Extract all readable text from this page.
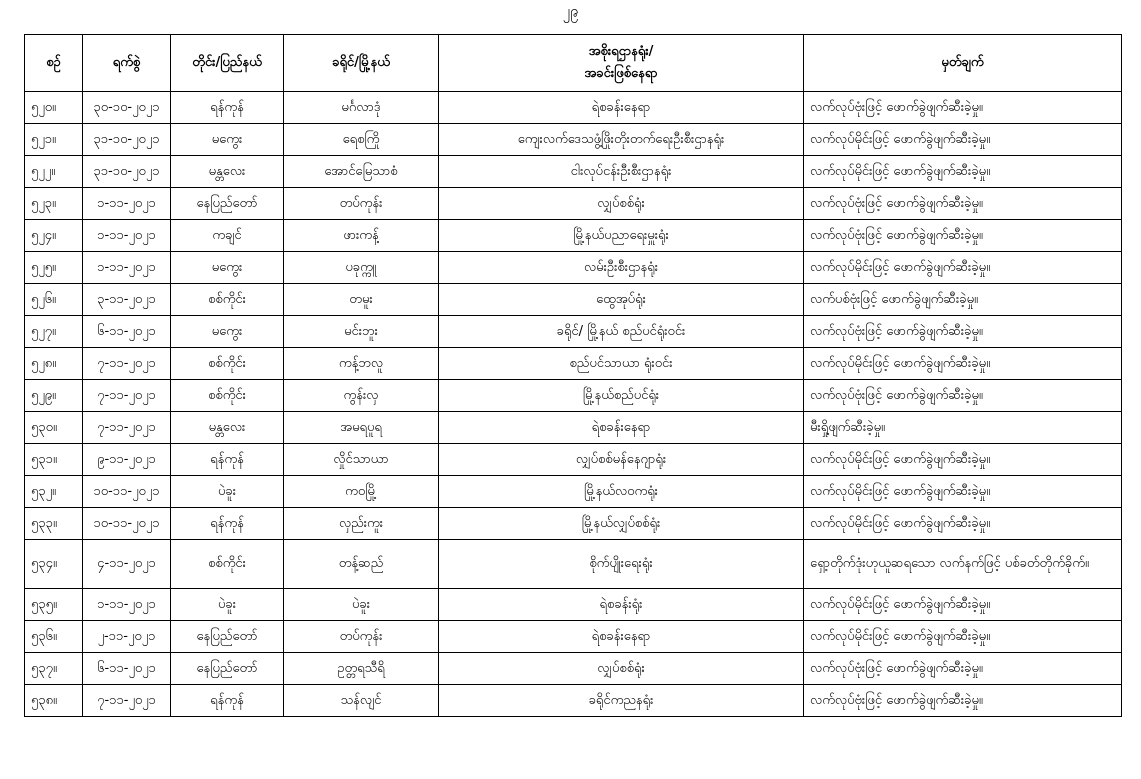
၂၉
စဉ်	ရက်စွဲ	တိုင်း/ပြည်နယ်	ခရိုင်/မြို့နယ်	အစိုးရဌာနရုံး/
အခင်းဖြစ်နေရာ	မှတ်ချက်
၅၂၀။	၃၀-၁၀-၂၀၂၁	ရန်ကုန်	မင်္ဂလာဒုံ	ရဲစခန်းနေရာ	လက်လုပ်ဗုံးဖြင့် ဖောက်ခွဲဖျက်ဆီးခဲ့မှု။
၅၂၁။	၃၁-၁၀-၂၀၂၁	မကွေး	ရေစကြို	ကျေးလက်ဒေသဖွံ့ဖြိုးတိုးတက်ရေးဦးစီးဌာနရုံး	လက်လုပ်မိုင်းဖြင့် ဖောက်ခွဲဖျက်ဆီးခဲ့မှု။
၅၂၂။	၃၁-၁၀-၂၀၂၁	မန္တလေး	အောင်မြေသာစံ	ငါးလုပ်ငန်းဦးစီးဌာနရုံး	လက်လုပ်မိုင်းဖြင့် ဖောက်ခွဲဖျက်ဆီးခဲ့မှု။
၅၂၃။	၁-၁၁-၂၀၂၁	နေပြည်တော်	တပ်ကုန်း	လျှပ်စစ်ရုံး	လက်လုပ်ဗုံးဖြင့် ဖောက်ခွဲဖျက်ဆီးခဲ့မှု။
၅၂၄။	၁-၁၁-၂၀၂၁	ကချင်	ဖားကန့်	မြို့နယ်ပညာရေးမှူးရုံး	လက်လုပ်ဗုံးဖြင့် ဖောက်ခွဲဖျက်ဆီးခဲ့မှု။
၅၂၅။	၁-၁၁-၂၀၂၁	မကွေး	ပခုက္ကူ	လမ်းဦးစီးဌာနရုံး	လက်လုပ်မိုင်းဖြင့် ဖောက်ခွဲဖျက်ဆီးခဲ့မှု။
၅၂၆။	၃-၁၁-၂၀၂၁	စစ်ကိုင်း	တမူး	ထွေအုပ်ရုံး	လက်ပစ်ဗုံးဖြင့် ဖောက်ခွဲဖျက်ဆီးခဲ့မှု။
၅၂၇။	၆-၁၁-၂၀၂၁	မကွေး	မင်းဘူး	ခရိုင်/ မြို့နယ် စည်ပင်ရုံးဝင်း	လက်လုပ်ဗုံးဖြင့် ဖောက်ခွဲဖျက်ဆီးခဲ့မှု။
၅၂၈။	၇-၁၁-၂၀၂၁	စစ်ကိုင်း	ကန့်ဘလူ	စည်ပင်သာယာ ရုံးဝင်း	လက်လုပ်မိုင်းဖြင့် ဖောက်ခွဲဖျက်ဆီးခဲ့မှု။
၅၂၉။	၇-၁၁-၂၀၂၁	စစ်ကိုင်း	ကွန်းလှ	မြို့နယ်စည်ပင်ရုံး	လက်လုပ်ဗုံးဖြင့် ဖောက်ခွဲဖျက်ဆီးခဲ့မှု။
၅၃၀။	၇-၁၁-၂၀၂၁	မန္တလေး	အမရပူရ	ရဲစခန်းနေရာ	မီးရှို့ဖျက်ဆီးခဲ့မှု။
၅၃၁။	၉-၁၁-၂၀၂၁	ရန်ကုန်	လှိုင်သာယာ	လျှပ်စစ်မန်နေဂျာရုံး	လက်လုပ်မိုင်းဖြင့် ဖောက်ခွဲဖျက်ဆီးခဲ့မှု။
၅၃၂။	၁၀-၁၁-၂၀၂၁	ပဲခူး	ကဝမြို့	မြို့နယ်လဝကရုံး	လက်လုပ်မိုင်းဖြင့် ဖောက်ခွဲဖျက်ဆီးခဲ့မှု။
၅၃၃။	၁၀-၁၁-၂၀၂၁	ရန်ကုန်	လှည်းကူး	မြို့နယ်လျှပ်စစ်ရုံး	လက်လုပ်မိုင်းဖြင့် ဖောက်ခွဲဖျက်ဆီးခဲ့မှု။
၅၃၄။	၄-၁၁-၂၀၂၁	စစ်ကိုင်း	တန့်ဆည်	စိုက်ပျိုးရေးရုံး	ရှော့တိုက်ဒုံးဟုယူဆရသော လက်နက်ဖြင့် ပစ်ခတ်တိုက်ခိုက်။
၅၃၅။	၁-၁၁-၂၀၂၁	ပဲခူး	ပဲခူး	ရဲစခန်းရုံး	လက်လုပ်မိုင်းဖြင့် ဖောက်ခွဲဖျက်ဆီးခဲ့မှု။
၅၃၆။	၂-၁၁-၂၀၂၁	နေပြည်တော်	တပ်ကုန်း	ရဲစခန်းနေရာ	လက်လုပ်မိုင်းဖြင့် ဖောက်ခွဲဖျက်ဆီးခဲ့မှု။
၅၃၇။	၆-၁၁-၂၀၂၁	နေပြည်တော်	ဥတ္တရသီရိ	လျှပ်စစ်ရုံး	လက်လုပ်ဗုံးဖြင့် ဖောက်ခွဲဖျက်ဆီးခဲ့မှု။
၅၃၈။	၇-၁၁-၂၀၂၁	ရန်ကုန်	သန်လျင်	ခရိုင်ကညနရုံး	လက်လုပ်ဗုံးဖြင့် ဖောက်ခွဲဖျက်ဆီးခဲ့မှု။
